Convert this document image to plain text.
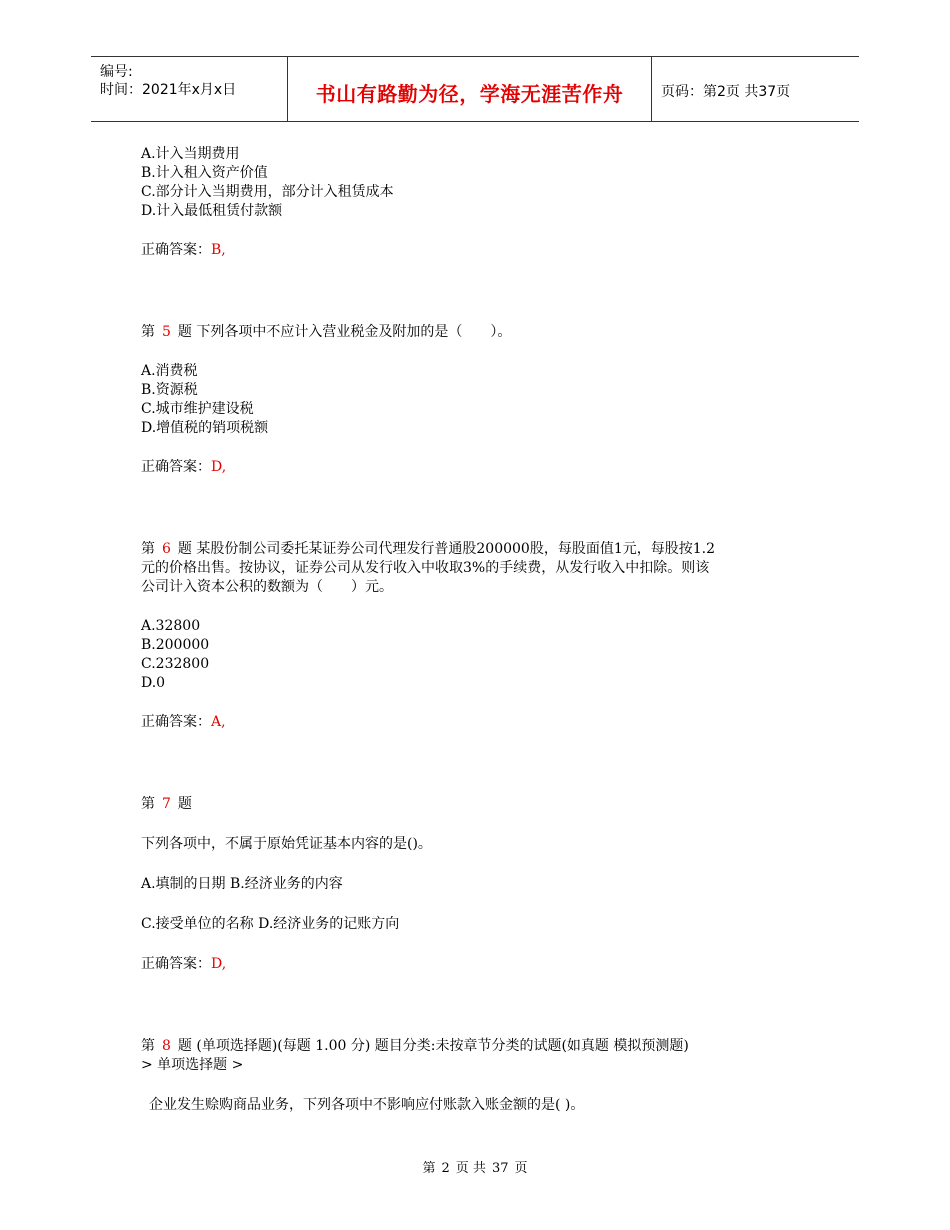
编号:
时间：2021年x月x日	书山有路勤为径，学海无涯苦作舟	页码：第2页 共37页
A.计入当期费用
B.计入租入资产价值
C.部分计入当期费用，部分计入租赁成本
D.计入最低租赁付款额
正确答案：B,
第 5 题 下列各项中不应计入营业税金及附加的是（　　）。
A.消费税
B.资源税
C.城市维护建设税
D.增值税的销项税额
正确答案：D,
第 6 题 某股份制公司委托某证券公司代理发行普通股200000股，每股面值1元，每股按1.2
元的价格出售。按协议，证券公司从发行收入中收取3%的手续费，从发行收入中扣除。则该
公司计入资本公积的数额为（　　）元。
A.32800
B.200000
C.232800
D.0
正确答案：A,
第 7 题
下列各项中，不属于原始凭证基本内容的是()。
A.填制的日期 B.经济业务的内容
C.接受单位的名称 D.经济业务的记账方向
正确答案：D,
第 8 题 (单项选择题)(每题 1.00 分) 题目分类:未按章节分类的试题(如真题 模拟预测题)
> 单项选择题 >
企业发生赊购商品业务，下列各项中不影响应付账款入账金额的是( )。
第 2 页 共 37 页
